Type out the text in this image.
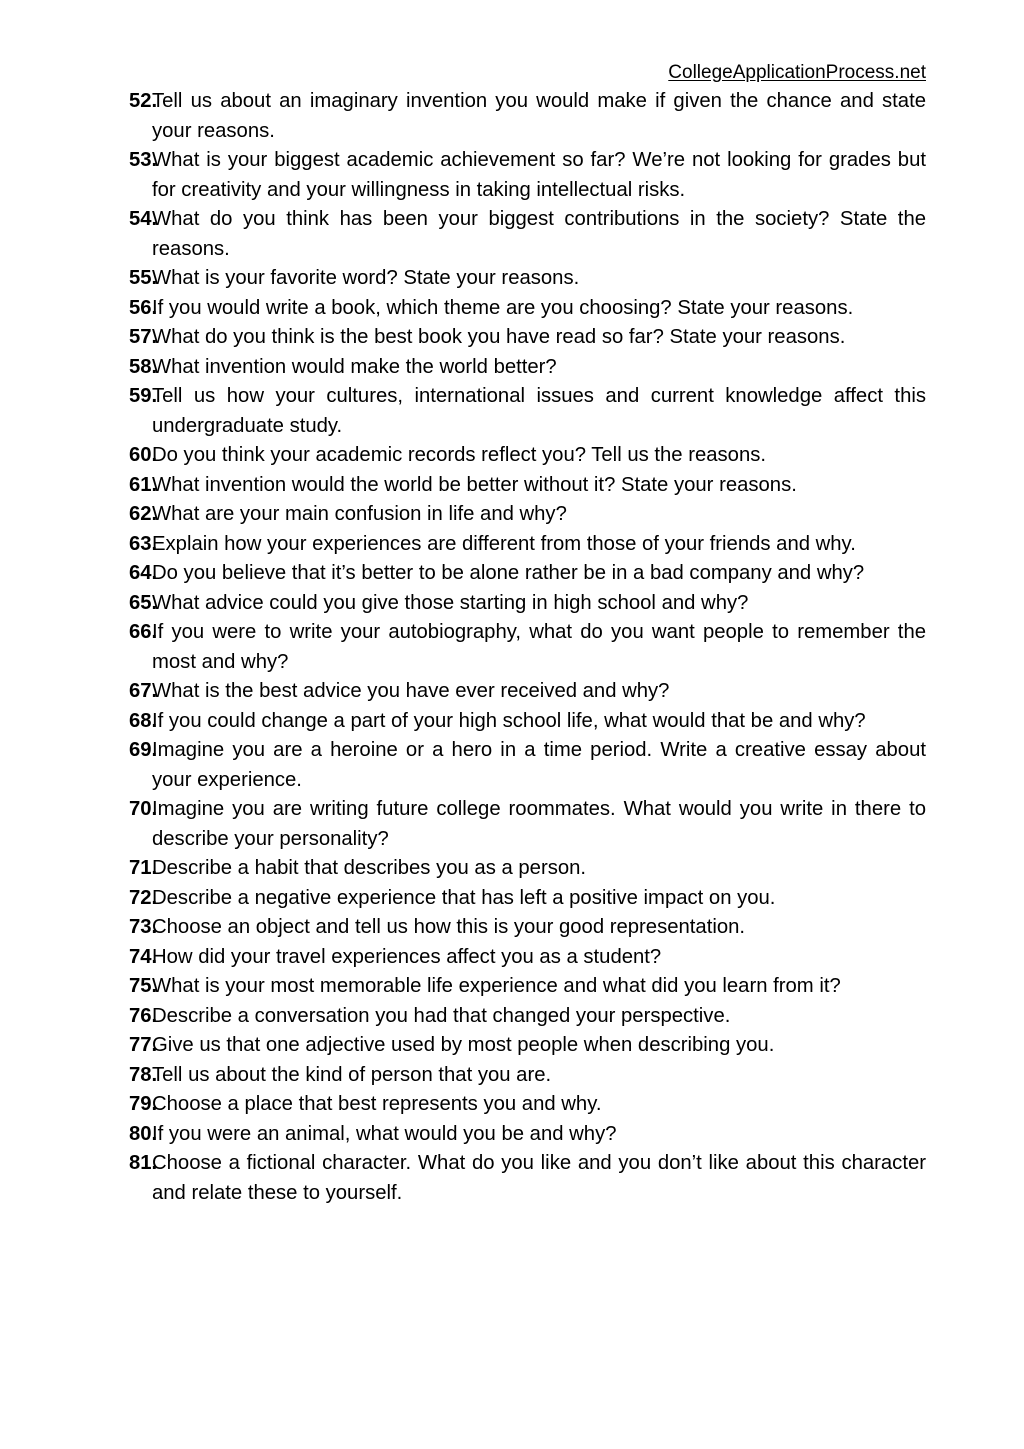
CollegeApplicationProcess.net
52.
Tell us about an imaginary invention you would make if given the chance and state your reasons.
53.
What is your biggest academic achievement so far? We’re not looking for grades but for creativity and your willingness in taking intellectual risks.
54.
What do you think has been your biggest contributions in the society? State the reasons.
55.
What is your favorite word? State your reasons.
56.
If you would write a book, which theme are you choosing? State your reasons.
57.
What do you think is the best book you have read so far? State your reasons.
58.
What invention would make the world better?
59.
Tell us how your cultures, international issues and current knowledge affect this undergraduate study.
60.
Do you think your academic records reflect you? Tell us the reasons.
61.
What invention would the world be better without it? State your reasons.
62.
What are your main confusion in life and why?
63.
Explain how your experiences are different from those of your friends and why.
64.
Do you believe that it’s better to be alone rather be in a bad company and why?
65.
What advice could you give those starting in high school and why?
66.
If you were to write your autobiography, what do you want people to remember the most and why?
67.
What is the best advice you have ever received and why?
68.
If you could change a part of your high school life, what would that be and why?
69.
Imagine you are a heroine or a hero in a time period. Write a creative essay about your experience.
70.
Imagine you are writing future college roommates. What would you write in there to describe your personality?
71.
Describe a habit that describes you as a person.
72.
Describe a negative experience that has left a positive impact on you.
73.
Choose an object and tell us how this is your good representation.
74.
How did your travel experiences affect you as a student?
75.
What is your most memorable life experience and what did you learn from it?
76.
Describe a conversation you had that changed your perspective.
77.
Give us that one adjective used by most people when describing you.
78.
Tell us about the kind of person that you are.
79.
Choose a place that best represents you and why.
80.
If you were an animal, what would you be and why?
81.
Choose a fictional character. What do you like and you don’t like about this character and relate these to yourself.
